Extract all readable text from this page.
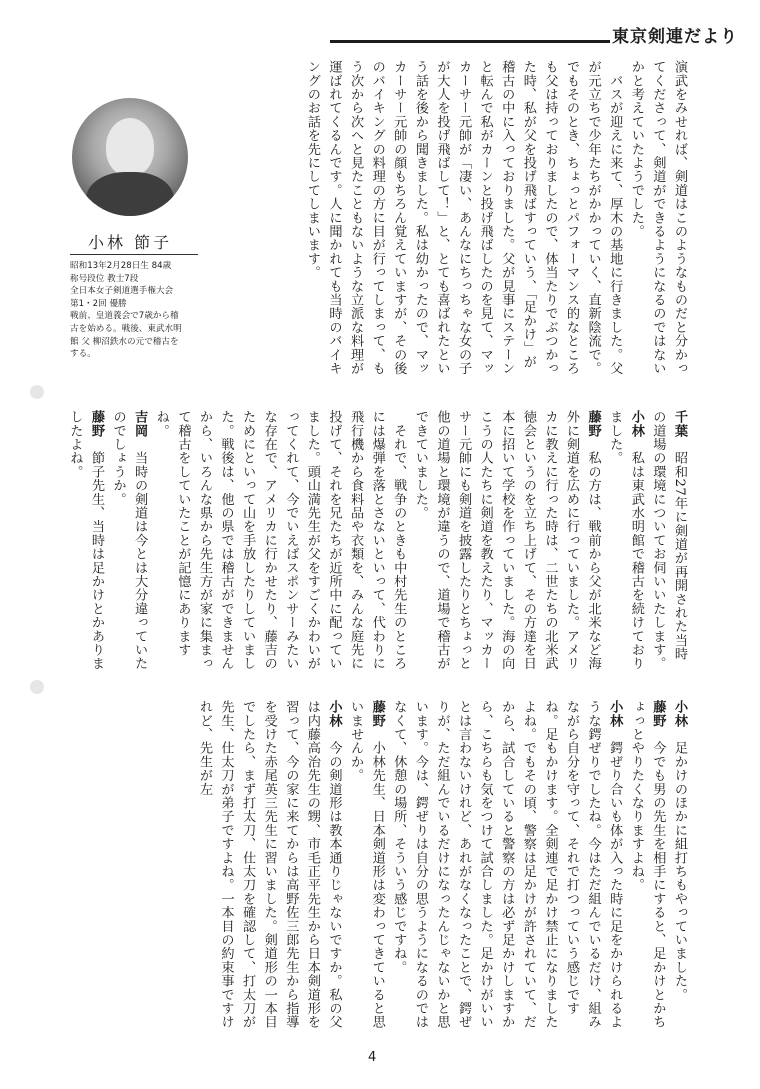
東京剣連だより
小林 節子
昭和13年2月28日生 84歳
称号段位 教士7段
全日本女子剣道選手権大会
第1・2回 優勝
戦前、皇道義会で7歳から稽
古を始める。戦後、東武水明
館 父 柳沼鉄水の元で稽古を
する。	演武をみせれば、剣道はこのようなものだと分かってくださって、剣道ができるようになるのではないかと考えていたようでした。
　バスが迎えに来て、厚木の基地に行きました。父が元立ちで少年たちがかかっていく、直新陰流で。でもそのとき、ちょっとパフォーマンス的なところも父は持っておりましたので、体当たりでぶつかった時、私が父を投げ飛ばすっていう、「足かけ」が稽古の中に入っておりました。父が見事にステーンと転んで私がカーンと投げ飛ばしたのを見て、マッカーサー元帥が「凄い、あんなにちっちゃな女の子が大人を投げ飛ばして！」と、とても喜ばれたという話を後から聞きました。私は幼かったので、マッカーサー元帥の顔もちろん覚えていますが、その後のバイキングの料理の方に目が行ってしまって、もう次から次へと見たこともないような立派な料理が運ばれてくるんです。人に聞かれても当時のバイキングのお話を先にしてしまいます。
千葉　昭和27年に剣道が再開された当時の道場の環境についてお伺いいたします。
小林　私は東武水明館で稽古を続けておりました。
藤野　私の方は、戦前から父が北米など海外に剣道を広めに行っていました。アメリカに教えに行った時は、二世たちの北米武徳会というのを立ち上げて、その方達を日本に招いて学校を作っていました。海の向こうの人たちに剣道を教えたり、マッカーサー元帥にも剣道を披露したりとちょっと他の道場と環境が違うので、道場で稽古ができていました。
　それで、戦争のときも中村先生のところには爆弾を落とさないといって、代わりに飛行機から食料品や衣類を、みんな庭先に投げて、それを兄たちが近所中に配っていました。頭山満先生が父をすごくかわいがってくれて、今でいえばスポンサーみたいな存在で、アメリカに行かせたり、藤吉のためにといって山を手放したりしていました。戦後は、他の県では稽古ができませんから、いろんな県から先生方が家に集まって稽古をしていたことが記憶にありますね。
吉岡　当時の剣道は今とは大分違っていたのでしょうか。
藤野　節子先生、当時は足かけとかありましたよね。
小林　足かけのほかに組打ちもやっていました。
藤野　今でも男の先生を相手にすると、足かけとかちょっとやりたくなりますよね。
小林　鍔ぜり合いも体が入った時に足をかけられるような鍔ぜりでしたね。今はただ組んでいるだけ、組みながら自分を守って、それで打つっていう感じですね。足もかけます。全剣連で足かけ禁止になりましたよね。でもその頃、警察は足かけが許されていて、だから、試合していると警察の方は必ず足かけしますから、こちらも気をつけて試合しました。足かけがいいとは言わないけれど、あれがなくなったことで、鍔ぜりが、ただ組んでいるだけになったんじゃないかと思います。今は、鍔ぜりは自分の思うようになるのではなくて、休憩の場所、そういう感じですね。
藤野　小林先生、日本剣道形は変わってきていると思いませんか。
小林　今の剣道形は教本通りじゃないですか。私の父は内藤高治先生の甥、市毛正平先生から日本剣道形を習って、今の家に来てからは高野佐三郎先生から指導を受けた赤尾英三先生に習いました。剣道形の一本目でしたら、まず打太刀、仕太刀を確認して、打太刀が先生、仕太刀が弟子ですよね。一本目の約束事ですけれど、先生が左
4
